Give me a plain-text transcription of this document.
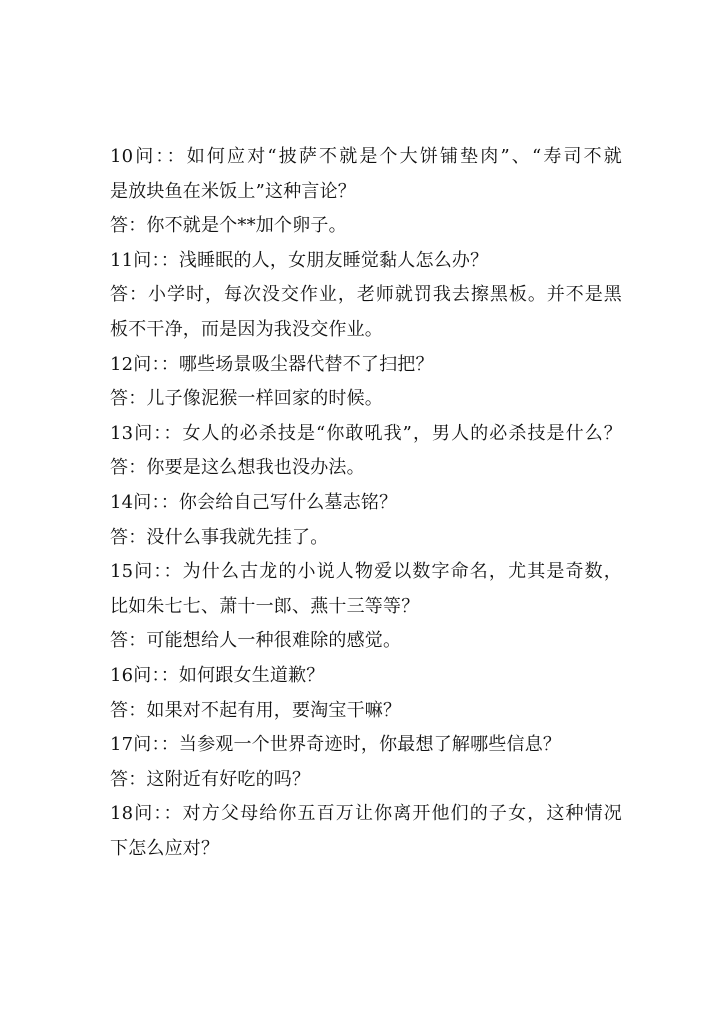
10问：：如何应对“披萨不就是个大饼铺垫肉”、“寿司不就
是放块鱼在米饭上”这种言论？
答：你不就是个**加个卵子。
11问：：浅睡眠的人，女朋友睡觉黏人怎么办？
答：小学时，每次没交作业，老师就罚我去擦黑板。并不是黑
板不干净，而是因为我没交作业。
12问：：哪些场景吸尘器代替不了扫把？
答：儿子像泥猴一样回家的时候。
13问：：女人的必杀技是“你敢吼我”，男人的必杀技是什么？
答：你要是这么想我也没办法。
14问：：你会给自己写什么墓志铭？
答：没什么事我就先挂了。
15问：：为什么古龙的小说人物爱以数字命名，尤其是奇数，
比如朱七七、萧十一郎、燕十三等等？
答：可能想给人一种很难除的感觉。
16问：：如何跟女生道歉？
答：如果对不起有用，要淘宝干嘛？
17问：：当参观一个世界奇迹时，你最想了解哪些信息？
答：这附近有好吃的吗？
18问：：对方父母给你五百万让你离开他们的子女，这种情况
下怎么应对？
